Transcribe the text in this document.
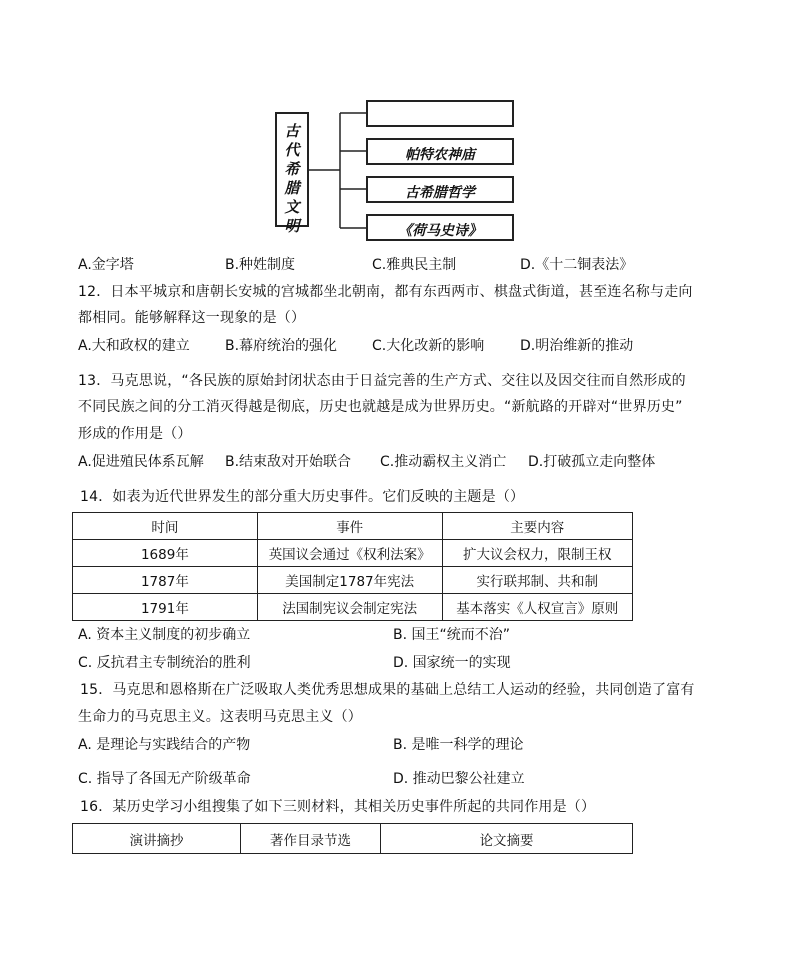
古代希腊文明
帕特农神庙
古希腊哲学
《荷马史诗》
A.金字塔	B.种姓制度	C.雅典民主制	D.《十二铜表法》
12．日本平城京和唐朝长安城的宫城都坐北朝南，都有东西两市、棋盘式街道，甚至连名称与走向
都相同。能够解释这一现象的是（）
A.大和政权的建立	B.幕府统治的强化 C.大化改新的影响	D.明治维新的推动
13．马克思说，“各民族的原始封闭状态由于日益完善的生产方式、交往以及因交往而自然形成的
不同民族之间的分工消灭得越是彻底，历史也就越是成为世界历史。“新航路的开辟对“世界历史”
形成的作用是（）
A.促进殖民体系瓦解 B.结束敌对开始联合 C.推动霸权主义消亡 D.打破孤立走向整体
14．如表为近代世界发生的部分重大历史事件。它们反映的主题是（）
时间	事件	主要内容
1689年	英国议会通过《权利法案》	扩大议会权力，限制王权
1787年	美国制定1787年宪法	实行联邦制、共和制
1791年	法国制宪议会制定宪法	基本落实《人权宣言》原则
A. 资本主义制度的初步确立	B. 国王“统而不治”
C. 反抗君主专制统治的胜利	D. 国家统一的实现
15．马克思和恩格斯在广泛吸取人类优秀思想成果的基础上总结工人运动的经验，共同创造了富有
生命力的马克思主义。这表明马克思主义（）
A. 是理论与实践结合的产物	B. 是唯一科学的理论
C. 指导了各国无产阶级革命	D. 推动巴黎公社建立
16．某历史学习小组搜集了如下三则材料，其相关历史事件所起的共同作用是（）
演讲摘抄	著作目录节选	论文摘要
